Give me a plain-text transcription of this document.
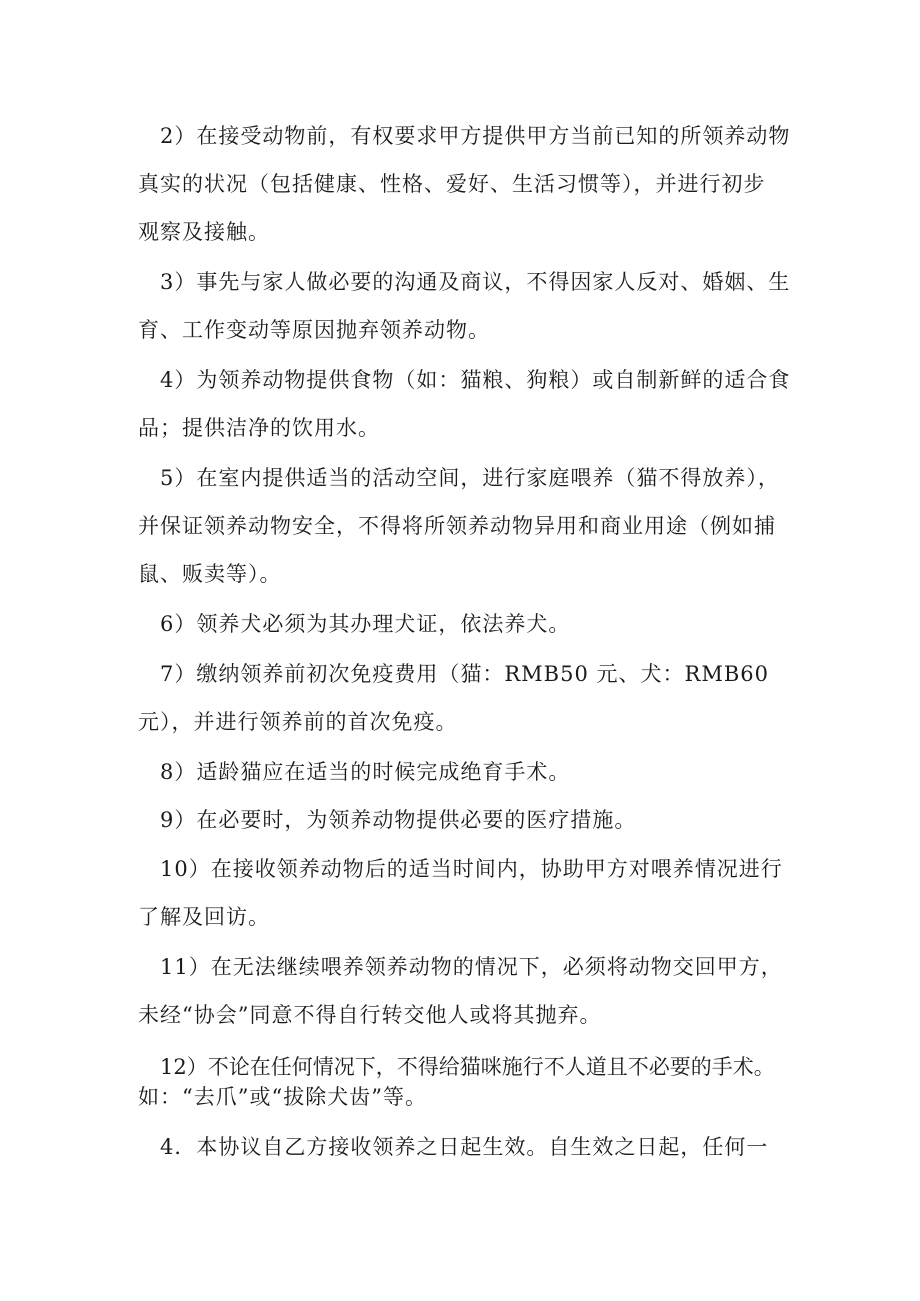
2）在接受动物前，有权要求甲方提供甲方当前已知的所领养动物
真实的状况（包括健康、性格、爱好、生活习惯等），并进行初步
观察及接触。
3）事先与家人做必要的沟通及商议，不得因家人反对、婚姻、生
育、工作变动等原因抛弃领养动物。
4）为领养动物提供食物（如：猫粮、狗粮）或自制新鲜的适合食
品；提供洁净的饮用水。
5）在室内提供适当的活动空间，进行家庭喂养（猫不得放养），
并保证领养动物安全，不得将所领养动物异用和商业用途（例如捕
鼠、贩卖等）。
6）领养犬必须为其办理犬证，依法养犬。
7）缴纳领养前初次免疫费用（猫：RMB50 元、犬：RMB60
元），并进行领养前的首次免疫。
8）适龄猫应在适当的时候完成绝育手术。
9）在必要时，为领养动物提供必要的医疗措施。
10）在接收领养动物后的适当时间内，协助甲方对喂养情况进行
了解及回访。
11）在无法继续喂养领养动物的情况下，必须将动物交回甲方，
未经“协会”同意不得自行转交他人或将其抛弃。
12）不论在任何情况下，不得给猫咪施行不人道且不必要的手术。
如：“去爪”或“拔除犬齿”等。
4．本协议自乙方接收领养之日起生效。自生效之日起，任何一
